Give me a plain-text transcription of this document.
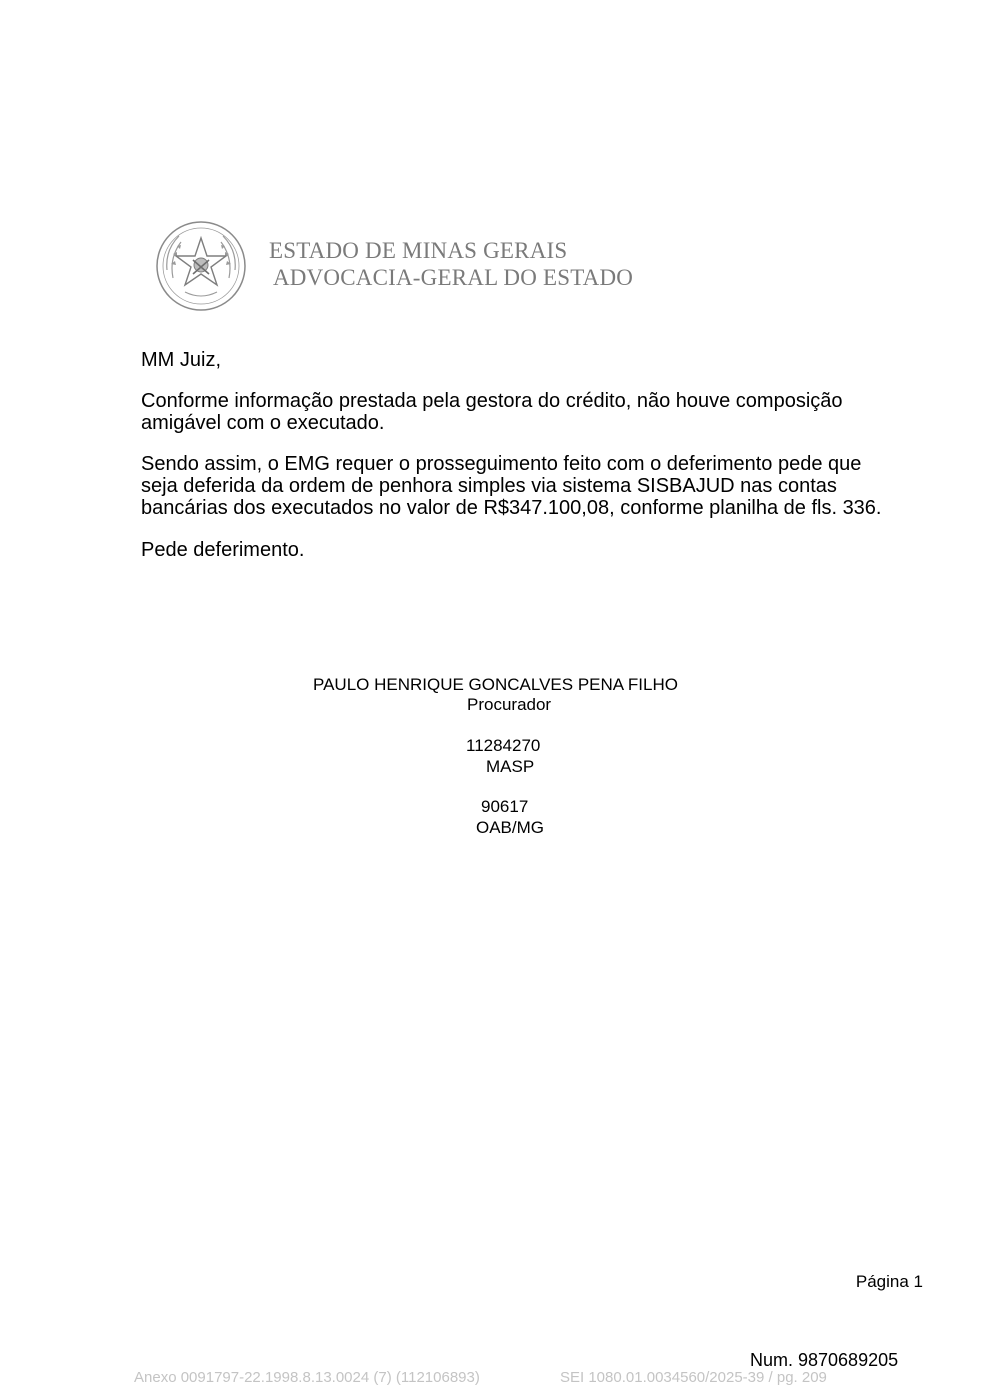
ESTADO DE MINAS GERAIS
ADVOCACIA-GERAL DO ESTADO

MM Juiz,

Conforme informação prestada pela gestora do crédito, não houve composição amigável com o executado.

Sendo assim, o EMG requer o prosseguimento feito com o deferimento pede que seja deferida da ordem de penhora simples via sistema SISBAJUD nas contas bancárias dos executados no valor de R$347.100,08, conforme planilha de fls. 336.

Pede deferimento.

PAULO HENRIQUE GONCALVES PENA FILHO
Procurador
11284270
MASP
90617
OAB/MG
Página 1
Num. 9870689205
Anexo 0091797-22.1998.8.13.0024 (7) (112106893)	SEI 1080.01.0034560/2025-39 / pg. 209
